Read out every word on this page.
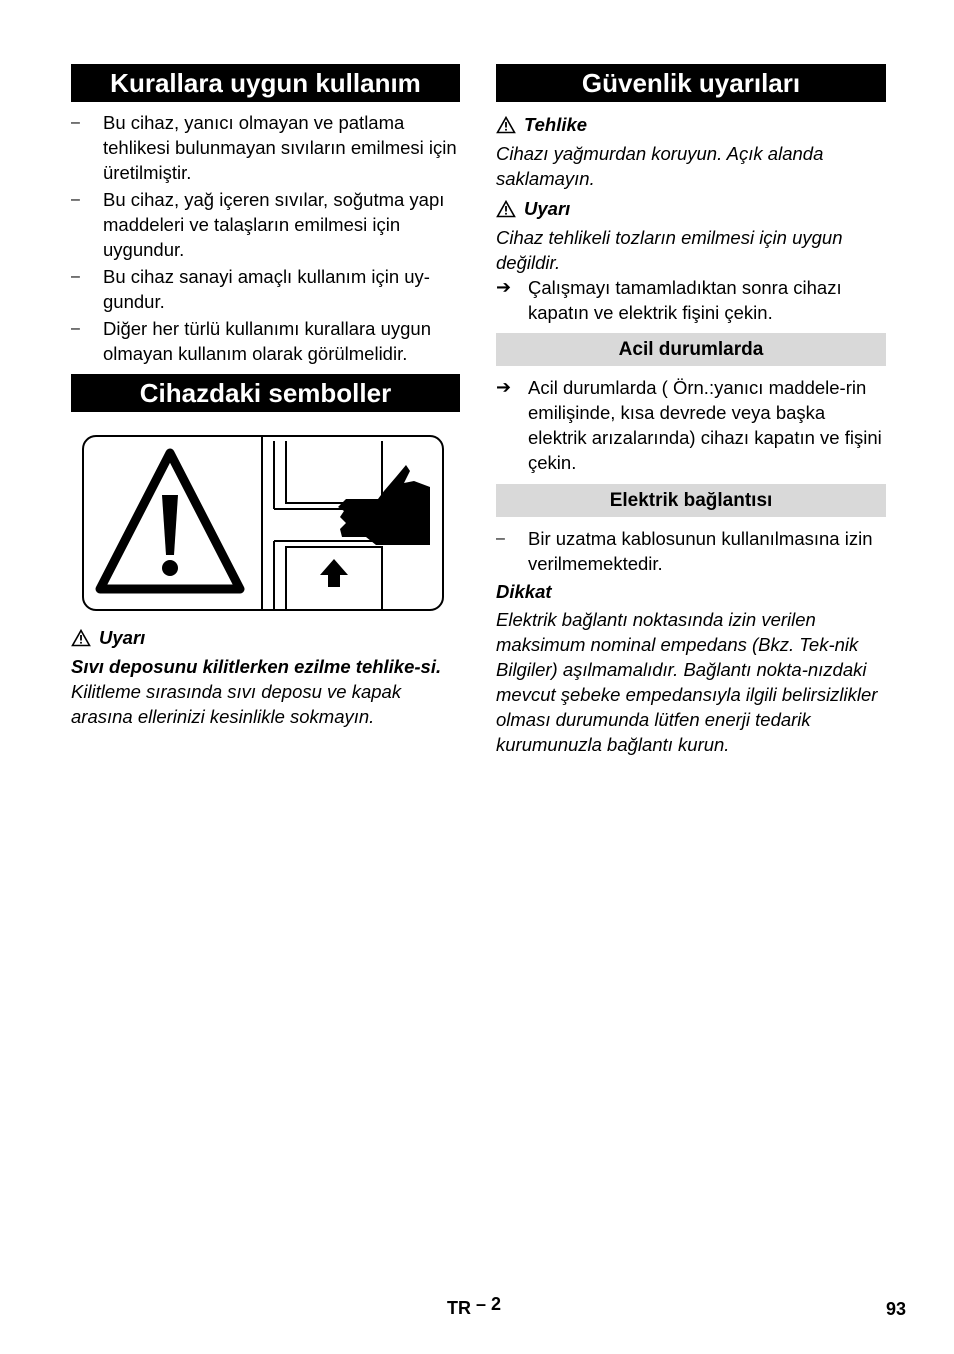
Kurallara uygun kullanım
– Bu cihaz, yanıcı olmayan ve patlama tehlikesi bulunmayan sıvıların emilmesi için üretilmiştir.
– Bu cihaz, yağ içeren sıvılar, soğutma yapı maddeleri ve talaşların emilmesi için uygundur.
– Bu cihaz sanayi amaçlı kullanım için uy-gundur.
– Diğer her türlü kullanımı kurallara uygun olmayan kullanım olarak görülmelidir.
Cihazdaki semboller
Uyarı

Sıvı deposunu kilitlerken ezilme tehlike-si.

Kilitleme sırasında sıvı deposu ve kapak arasına ellerinizi kesinlikle sokmayın.

Güvenlik uyarıları
Tehlike

Cihazı yağmurdan koruyun. Açık alanda saklamayın.

Uyarı

Cihaz tehlikeli tozların emilmesi için uygun değildir.

➔ Çalışmayı tamamladıktan sonra cihazı kapatın ve elektrik fişini çekin.

Acil durumlarda

➔ Acil durumlarda ( Örn.:yanıcı maddele-rin emilişinde, kısa devrede veya başka elektrik arızalarında) cihazı kapatın ve fişini çekin.

Elektrik bağlantısı
– Bir uzatma kablosunun kullanılmasına izin verilmemektedir.

Dikkat

Elektrik bağlantı noktasında izin verilen maksimum nominal empedans (Bkz. Tek-nik Bilgiler) aşılmamalıdır. Bağlantı nokta-nızdaki mevcut şebeke empedansıyla ilgili belirsizlikler olması durumunda lütfen enerji tedarik kurumunuzla bağlantı kurun.

TR – 2	93
